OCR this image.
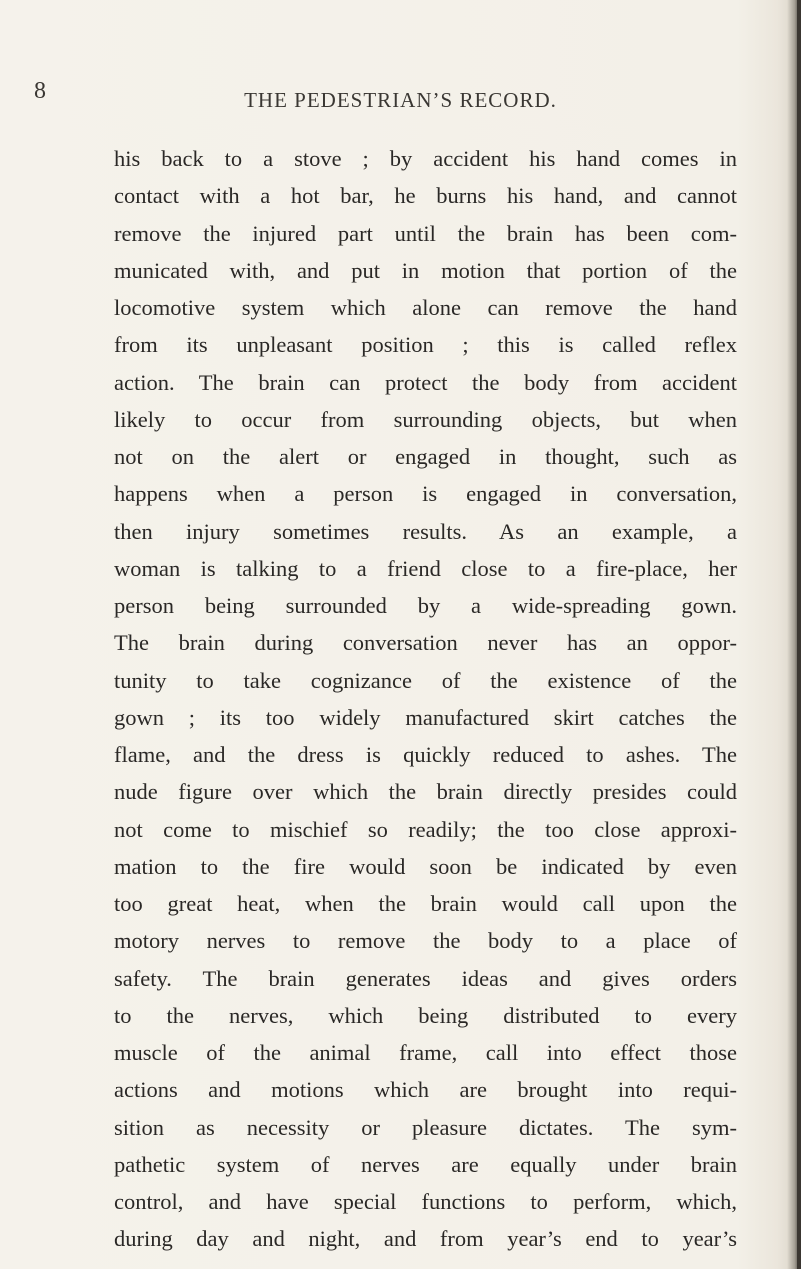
8	THE PEDESTRIAN’S RECORD.
his back to a stove ; by accident his hand comes in
contact with a hot bar, he burns his hand, and cannot
remove the injured part until the brain has been com-
municated with, and put in motion that portion of the
locomotive system which alone can remove the hand
from its unpleasant position ; this is called reflex
action. The brain can protect the body from accident
likely to occur from surrounding objects, but when
not on the alert or engaged in thought, such as
happens when a person is engaged in conversation,
then injury sometimes results. As an example, a
woman is talking to a friend close to a fire-place, her
person being surrounded by a wide-spreading gown.
The brain during conversation never has an oppor-
tunity to take cognizance of the existence of the
gown ; its too widely manufactured skirt catches the
flame, and the dress is quickly reduced to ashes. The
nude figure over which the brain directly presides could
not come to mischief so readily; the too close approxi-
mation to the fire would soon be indicated by even
too great heat, when the brain would call upon the
motory nerves to remove the body to a place of
safety. The brain generates ideas and gives orders
to the nerves, which being distributed to every
muscle of the animal frame, call into effect those
actions and motions which are brought into requi-
sition as necessity or pleasure dictates. The sym-
pathetic system of nerves are equally under brain
control, and have special functions to perform, which,
during day and night, and from year’s end to year’s
